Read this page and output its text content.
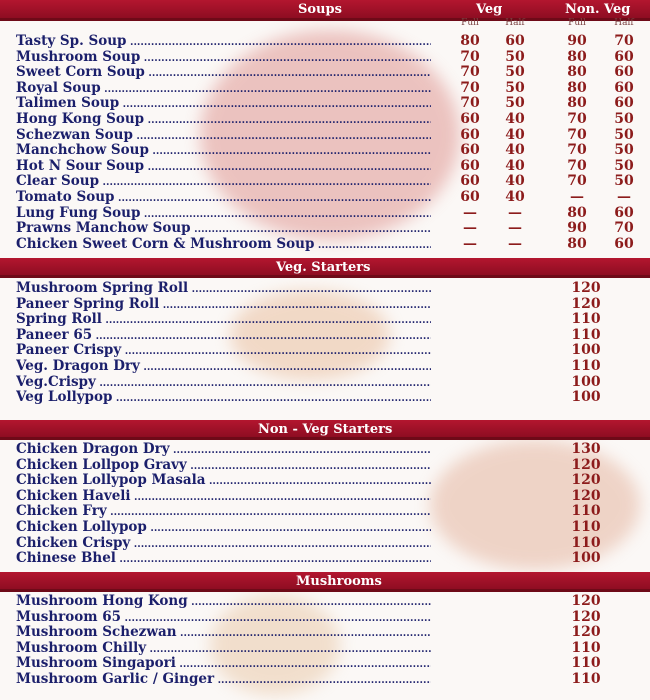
Soups	Veg	Non. Veg
Full	Half	Full	Half
Tasty Sp. Soup .....	80	60	90	70
Mushroom Soup .....	70	50	80	60
Sweet Corn Soup .....	70	50	80	60
Royal Soup .....	70	50	80	60
Talimen Soup .....	70	50	80	60
Hong Kong Soup .....	60	40	70	50
Schezwan Soup .....	60	40	70	50
Manchchow Soup .....	60	40	70	50
Hot N Sour Soup .....	60	40	70	50
Clear Soup .....	60	40	70	50
Tomato Soup .....	60	40	—	—
Lung Fung Soup .....	—	—	80	60
Prawns Manchow Soup .....	—	—	90	70
Chicken Sweet Corn & Mushroom Soup .....	—	—	80	60
Veg. Starters
Mushroom Spring Roll .....	120
Paneer Spring Roll .....	120
Spring Roll .....	110
Paneer 65 .....	110
Paneer Crispy .....	100
Veg. Dragon Dry .....	110
Veg.Crispy .....	100
Veg Lollypop .....	100
Non - Veg Starters
Chicken Dragon Dry .....	130
Chicken Lollpop Gravy .....	120
Chicken Lollypop Masala .....	120
Chicken Haveli .....	120
Chicken Fry .....	110
Chicken Lollypop .....	110
Chicken Crispy .....	110
Chinese Bhel .....	100
Mushrooms
Mushroom Hong Kong .....	120
Mushroom 65 .....	120
Mushroom Schezwan .....	120
Mushroom Chilly .....	110
Mushroom Singapori .....	110
Mushroom Garlic / Ginger .....	110
